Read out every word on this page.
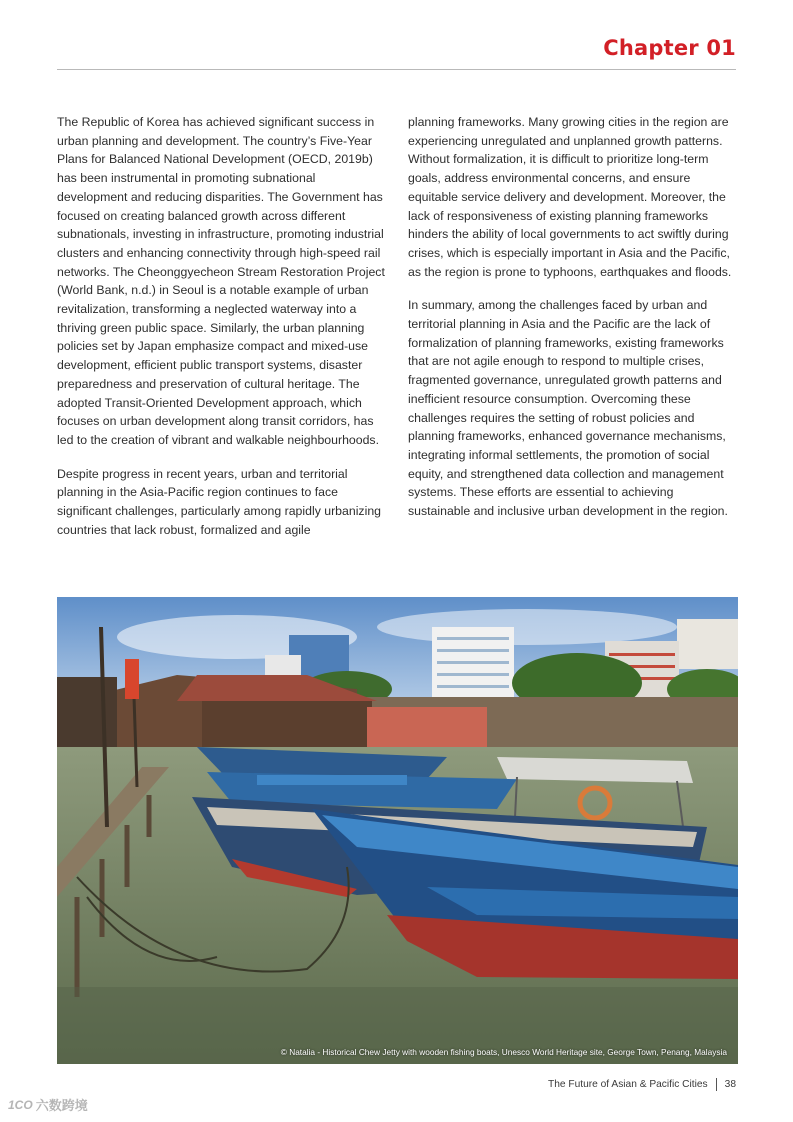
Chapter 01

The Republic of Korea has achieved significant success in urban planning and development. The country’s Five-Year Plans for Balanced National Development (OECD, 2019b) has been instrumental in promoting subnational development and reducing disparities. The Government has focused on creating balanced growth across different subnationals, investing in infrastructure, promoting industrial clusters and enhancing connectivity through high-speed rail networks. The Cheonggyecheon Stream Restoration Project (World Bank, n.d.) in Seoul is a notable example of urban revitalization, transforming a neglected waterway into a thriving green public space. Similarly, the urban planning policies set by Japan emphasize compact and mixed-use development, efficient public transport systems, disaster preparedness and preservation of cultural heritage. The adopted Transit-Oriented Development approach, which focuses on urban development along transit corridors, has led to the creation of vibrant and walkable neighbourhoods.

Despite progress in recent years, urban and territorial planning in the Asia-Pacific region continues to face significant challenges, particularly among rapidly urbanizing countries that lack robust, formalized and agile

planning frameworks. Many growing cities in the region are experiencing unregulated and unplanned growth patterns. Without formalization, it is difficult to prioritize long-term goals, address environmental concerns, and ensure equitable service delivery and development. Moreover, the lack of responsiveness of existing planning frameworks hinders the ability of local governments to act swiftly during crises, which is especially important in Asia and the Pacific, as the region is prone to typhoons, earthquakes and floods.

In summary, among the challenges faced by urban and territorial planning in Asia and the Pacific are the lack of formalization of planning frameworks, existing frameworks that are not agile enough to respond to multiple crises, fragmented governance, unregulated growth patterns and inefficient resource consumption. Overcoming these challenges requires the setting of robust policies and planning frameworks, enhanced governance mechanisms, integrating informal settlements, the promotion of social equity, and strengthened data collection and management systems. These efforts are essential to achieving sustainable and inclusive urban development in the region.

© Natalia - Historical Chew Jetty with wooden fishing boats, Unesco World Heritage site, George Town, Penang, Malaysia
The Future of Asian & Pacific Cities 38
1CO 六数跨境
